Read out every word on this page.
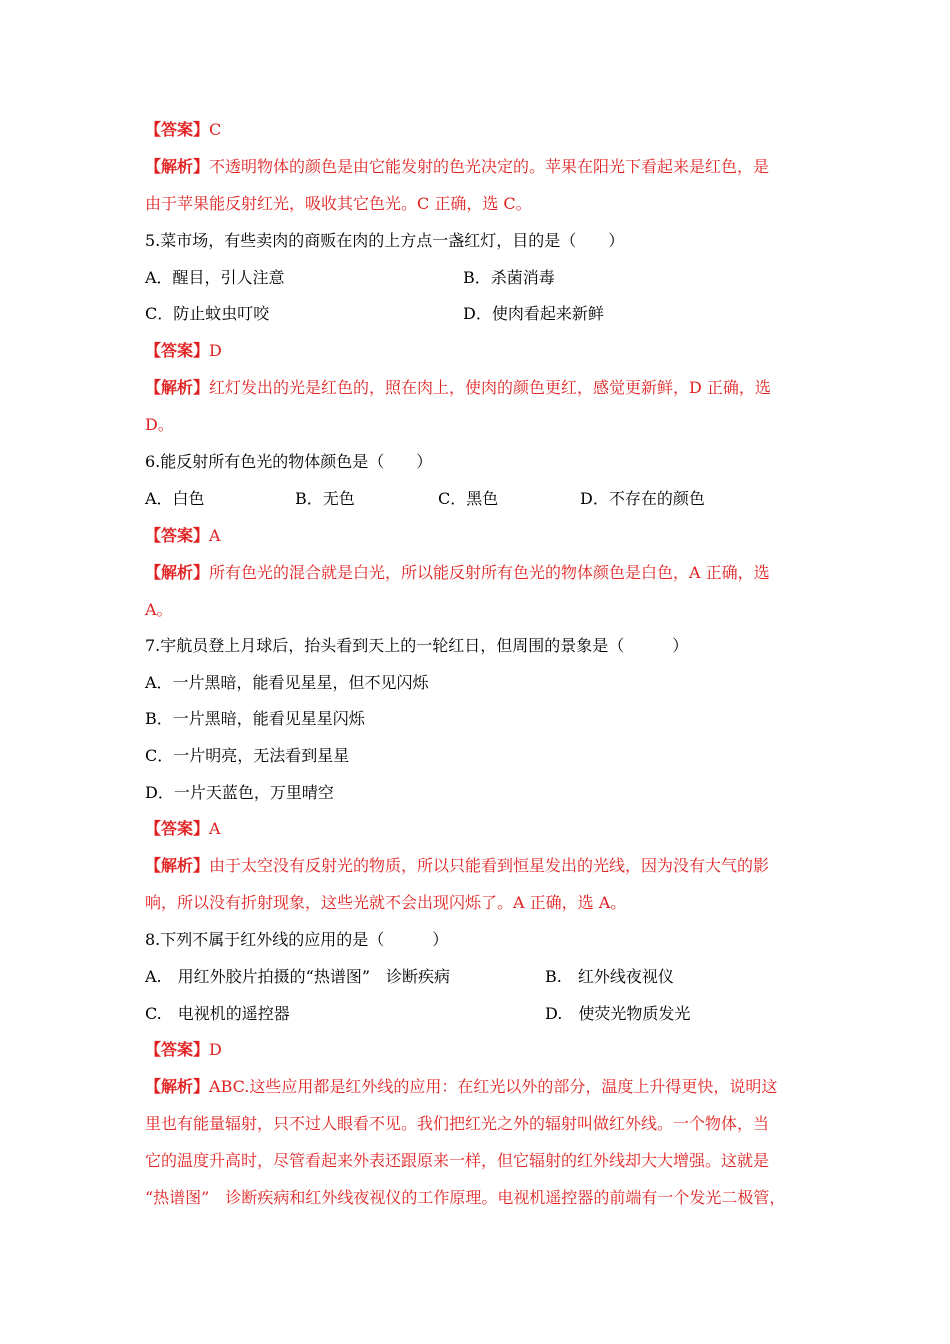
【答案】C
【解析】不透明物体的颜色是由它能发射的色光决定的。苹果在阳光下看起来是红色，是
由于苹果能反射红光，吸收其它色光。C 正确，选 C。
5.菜市场，有些卖肉的商贩在肉的上方点一盏红灯，目的是（　　）
A．醒目，引人注意	B．杀菌消毒
C．防止蚊虫叮咬	D．使肉看起来新鲜
【答案】D
【解析】红灯发出的光是红色的，照在肉上，使肉的颜色更红，感觉更新鲜，D 正确，选
D。
6.能反射所有色光的物体颜色是（　　）
A．白色	B．无色	C．黑色	D．不存在的颜色
【答案】A
【解析】所有色光的混合就是白光，所以能反射所有色光的物体颜色是白色，A 正确，选
A。
7.宇航员登上月球后，抬头看到天上的一轮红日，但周围的景象是（　　　）
A．一片黑暗，能看见星星，但不见闪烁
B．一片黑暗，能看见星星闪烁
C．一片明亮，无法看到星星
D．一片天蓝色，万里晴空
【答案】A
【解析】由于太空没有反射光的物质，所以只能看到恒星发出的光线，因为没有大气的影
响，所以没有折射现象，这些光就不会出现闪烁了。A 正确，选 A。
8.下列不属于红外线的应用的是（　　　）
A.　用红外胶片拍摄的“热谱图”　诊断疾病	B.　红外线夜视仪
C.　电视机的遥控器	D.　使荧光物质发光
【答案】D
【解析】ABC.这些应用都是红外线的应用：在红光以外的部分，温度上升得更快，说明这
里也有能量辐射，只不过人眼看不见。我们把红光之外的辐射叫做红外线。一个物体，当
它的温度升高时，尽管看起来外表还跟原来一样，但它辐射的红外线却大大增强。这就是
“热谱图”　诊断疾病和红外线夜视仪的工作原理。电视机遥控器的前端有一个发光二极管，
